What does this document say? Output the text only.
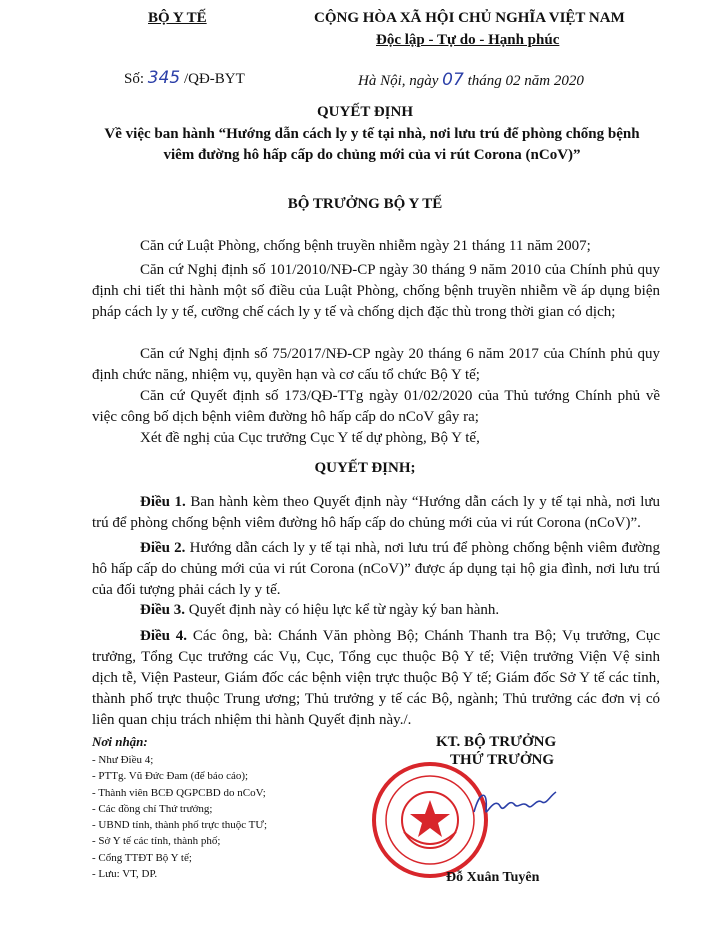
BỘ Y TẾ	CỘNG HÒA XÃ HỘI CHỦ NGHĨA VIỆT NAM
Độc lập - Tự do - Hạnh phúc
Số: 345 /QĐ-BYT	Hà Nội, ngày 07 tháng 02 năm 2020
QUYẾT ĐỊNH
Về việc ban hành “Hướng dẫn cách ly y tế tại nhà, nơi lưu trú để phòng chống bệnh viêm đường hô hấp cấp do chủng mới của vi rút Corona (nCoV)”
BỘ TRƯỞNG BỘ Y TẾ
Căn cứ Luật Phòng, chống bệnh truyền nhiễm ngày 21 tháng 11 năm 2007;
Căn cứ Nghị định số 101/2010/NĐ-CP ngày 30 tháng 9 năm 2010 của Chính phủ quy định chi tiết thi hành một số điều của Luật Phòng, chống bệnh truyền nhiễm về áp dụng biện pháp cách ly y tế, cưỡng chế cách ly y tế và chống dịch đặc thù trong thời gian có dịch;
Căn cứ Nghị định số 75/2017/NĐ-CP ngày 20 tháng 6 năm 2017 của Chính phủ quy định chức năng, nhiệm vụ, quyền hạn và cơ cấu tổ chức Bộ Y tế;
Căn cứ Quyết định số 173/QĐ-TTg ngày 01/02/2020 của Thủ tướng Chính phủ về việc công bố dịch bệnh viêm đường hô hấp cấp do nCoV gây ra;
Xét đề nghị của Cục trưởng Cục Y tế dự phòng, Bộ Y tế,
QUYẾT ĐỊNH;
Điều 1. Ban hành kèm theo Quyết định này “Hướng dẫn cách ly y tế tại nhà, nơi lưu trú để phòng chống bệnh viêm đường hô hấp cấp do chủng mới của vi rút Corona (nCoV)”.
Điều 2. Hướng dẫn cách ly y tế tại nhà, nơi lưu trú để phòng chống bệnh viêm đường hô hấp cấp do chủng mới của vi rút Corona (nCoV)” được áp dụng tại hộ gia đình, nơi lưu trú của đối tượng phải cách ly y tế.
Điều 3. Quyết định này có hiệu lực kể từ ngày ký ban hành.
Điều 4. Các ông, bà: Chánh Văn phòng Bộ; Chánh Thanh tra Bộ; Vụ trưởng, Cục trưởng, Tổng Cục trưởng các Vụ, Cục, Tổng cục thuộc Bộ Y tế; Viện trưởng Viện Vệ sinh dịch tễ, Viện Pasteur, Giám đốc các bệnh viện trực thuộc Bộ Y tế; Giám đốc Sở Y tế các tỉnh, thành phố trực thuộc Trung ương; Thủ trưởng y tế các Bộ, ngành; Thủ trưởng các đơn vị có liên quan chịu trách nhiệm thi hành Quyết định này./.
Nơi nhận:
- Như Điều 4;
- PTTg. Vũ Đức Đam (để báo cáo);
- Thành viên BCĐ QGPCBD do nCoV;
- Các đồng chí Thứ trưởng;
- UBND tỉnh, thành phố trực thuộc TƯ;
- Sở Y tế các tỉnh, thành phố;
- Cổng TTĐT Bộ Y tế;
- Lưu: VT, DP.
KT. BỘ TRƯỞNG
THỨ TRƯỞNG
Đỗ Xuân Tuyên
